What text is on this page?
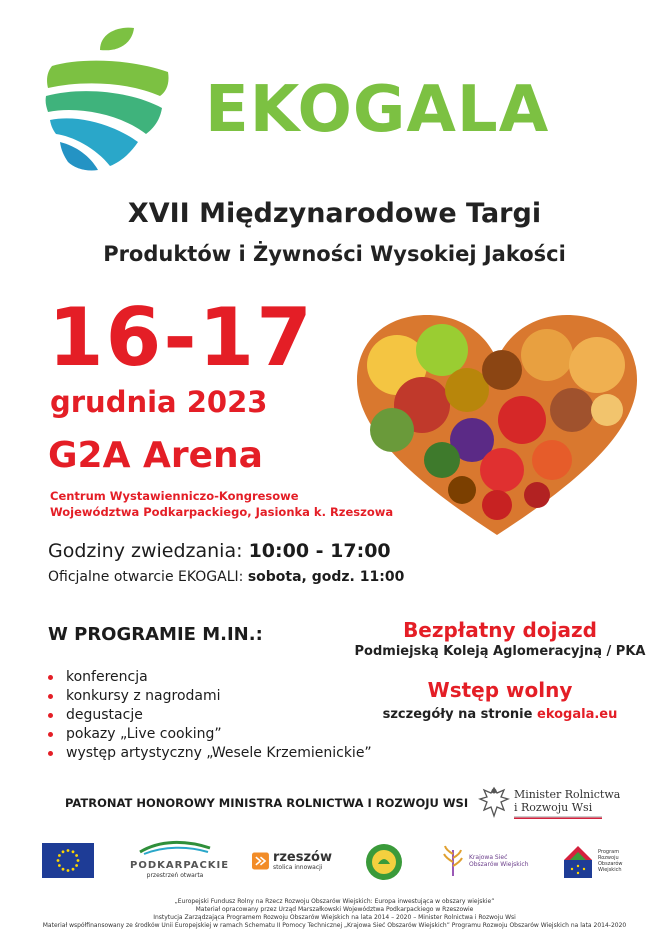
EKOGALA
XVII Międzynarodowe Targi
Produktów i Żywności Wysokiej Jakości
16-17
grudnia 2023
G2A Arena
Centrum Wystawienniczo-Kongresowe
Województwa Podkarpackiego, Jasionka k. Rzeszowa
Godziny zwiedzania: 10:00 - 17:00
Oficjalne otwarcie EKOGALI: sobota, godz. 11:00
W PROGRAMIE M.IN.:
konferencja
konkursy z nagrodami
degustacje
pokazy „Live cooking”
występ artystyczny „Wesele Krzemienickie”
Bezpłatny dojazd
Podmiejską Koleją Aglomeracyjną / PKA
Wstęp wolny
szczegóły na stronie ekogala.eu
PATRONAT HONOROWY MINISTRA ROLNICTWA I ROZWOJU WSI
Minister Rolnictwa
i Rozwoju Wsi
PODKARPACKIE
przestrzeń otwarta
rzeszów
stolica innowacji
Krajowa Sieć
Obszarów Wiejskich
Program
Rozwoju
Obszarów
Wiejskich
„Europejski Fundusz Rolny na Rzecz Rozwoju Obszarów Wiejskich: Europa inwestująca w obszary wiejskie”
Materiał opracowany przez Urząd Marszałkowski Województwa Podkarpackiego w Rzeszowie
Instytucja Zarządzająca Programem Rozwoju Obszarów Wiejskich na lata 2014 – 2020 – Minister Rolnictwa i Rozwoju Wsi
Materiał współfinansowany ze środków Unii Europejskiej w ramach Schematu II Pomocy Technicznej „Krajowa Sieć Obszarów Wiejskich” Programu Rozwoju Obszarów Wiejskich na lata 2014-2020
